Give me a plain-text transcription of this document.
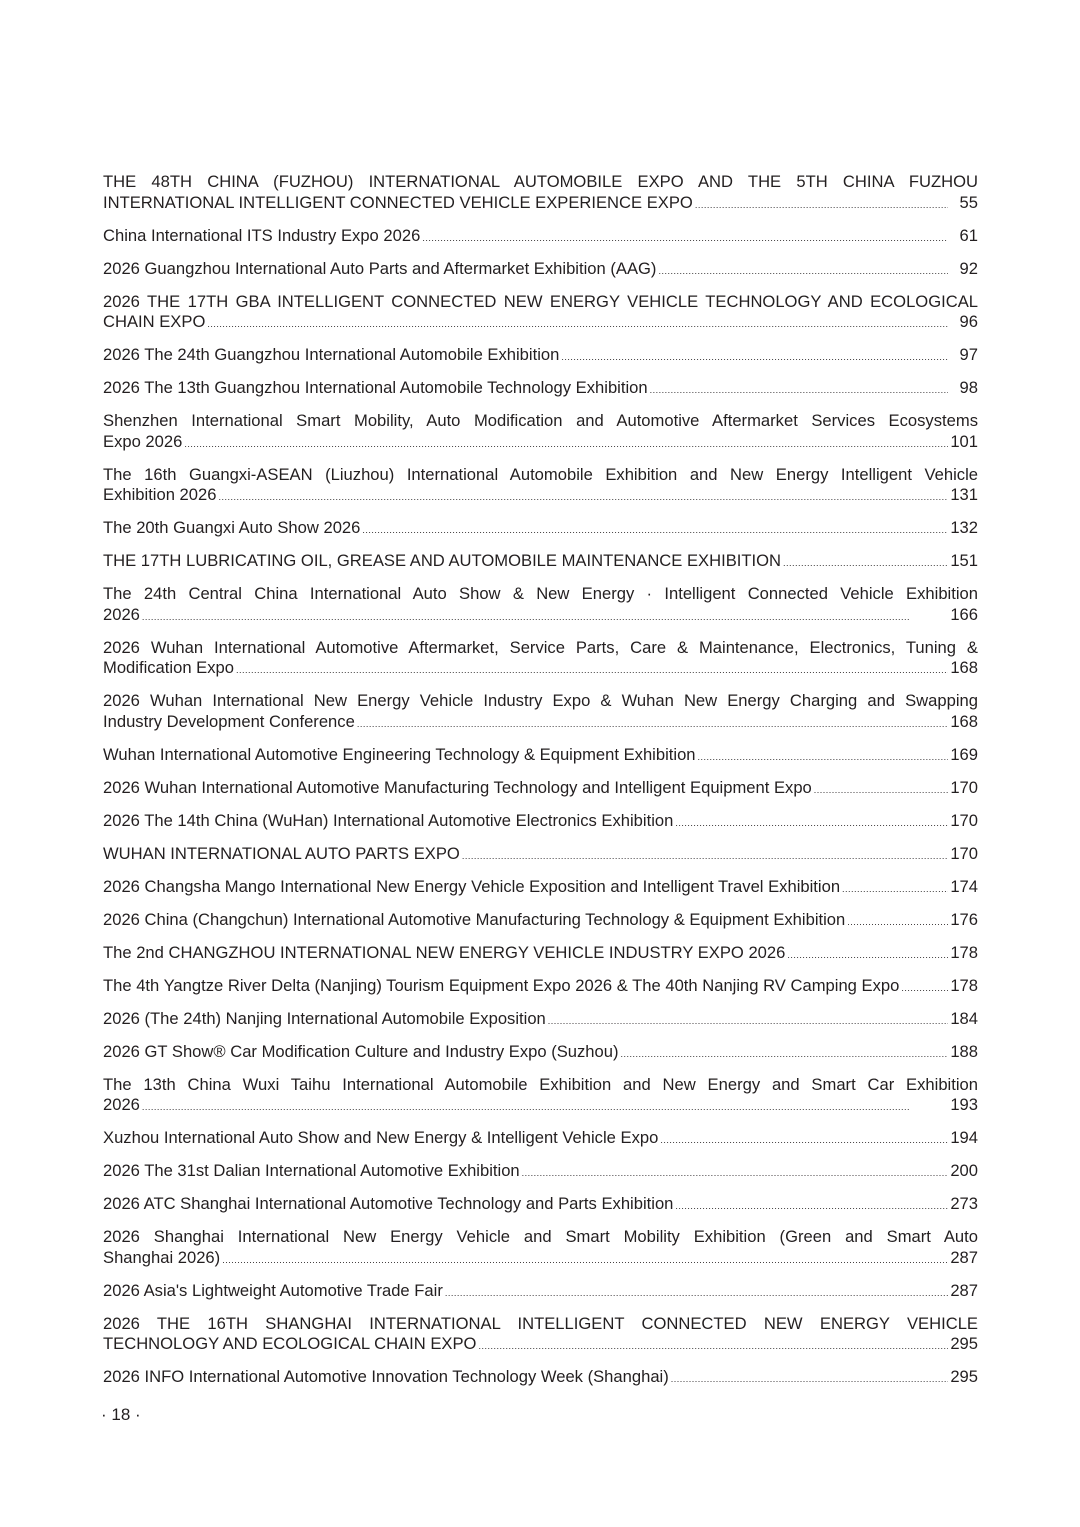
THE 48TH CHINA (FUZHOU) INTERNATIONAL AUTOMOBILE EXPO AND THE 5TH CHINA FUZHOU
INTERNATIONAL INTELLIGENT CONNECTED VEHICLE EXPERIENCE EXPO .....	55
China International ITS Industry Expo 2026 .....	61
2026 Guangzhou International Auto Parts and Aftermarket Exhibition (AAG) .....	92
2026 THE 17TH GBA INTELLIGENT CONNECTED NEW ENERGY VEHICLE TECHNOLOGY AND ECOLOGICAL
CHAIN EXPO .....	96
2026 The 24th Guangzhou International Automobile Exhibition .....	97
2026 The 13th Guangzhou International Automobile Technology Exhibition .....	98
Shenzhen International Smart Mobility, Auto Modification and Automotive Aftermarket Services Ecosystems
Expo 2026 .....	101
The 16th Guangxi-ASEAN (Liuzhou) International Automobile Exhibition and New Energy Intelligent Vehicle
Exhibition 2026 .....	131
The 20th Guangxi Auto Show 2026 .....	132
THE 17TH LUBRICATING OIL, GREASE AND AUTOMOBILE MAINTENANCE EXHIBITION .....	151
The 24th Central China International Auto Show & New Energy · Intelligent Connected Vehicle Exhibition
2026 .....	166
2026 Wuhan International Automotive Aftermarket, Service Parts, Care & Maintenance, Electronics, Tuning &
Modification Expo .....	168
2026 Wuhan International New Energy Vehicle Industry Expo & Wuhan New Energy Charging and Swapping
Industry Development Conference .....	168
Wuhan International Automotive Engineering Technology & Equipment Exhibition .....	169
2026 Wuhan International Automotive Manufacturing Technology and Intelligent Equipment Expo .....	170
2026 The 14th China (WuHan) International Automotive Electronics Exhibition .....	170
WUHAN INTERNATIONAL AUTO PARTS EXPO .....	170
2026 Changsha Mango International New Energy Vehicle Exposition and Intelligent Travel Exhibition .....	174
2026 China (Changchun) International Automotive Manufacturing Technology & Equipment Exhibition .....	176
The 2nd CHANGZHOU INTERNATIONAL NEW ENERGY VEHICLE INDUSTRY EXPO 2026 .....	178
The 4th Yangtze River Delta (Nanjing) Tourism Equipment Expo 2026 & The 40th Nanjing RV Camping Expo .....	178
2026 (The 24th) Nanjing International Automobile Exposition .....	184
2026 GT Show® Car Modification Culture and Industry Expo (Suzhou) .....	188
The 13th China Wuxi Taihu International Automobile Exhibition and New Energy and Smart Car Exhibition
2026 .....	193
Xuzhou International Auto Show and New Energy & Intelligent Vehicle Expo .....	194
2026 The 31st Dalian International Automotive Exhibition .....	200
2026 ATC Shanghai International Automotive Technology and Parts Exhibition .....	273
2026 Shanghai International New Energy Vehicle and Smart Mobility Exhibition (Green and Smart Auto
Shanghai 2026) .....	287
2026 Asia's Lightweight Automotive Trade Fair .....	287
2026 THE 16TH SHANGHAI INTERNATIONAL INTELLIGENT CONNECTED NEW ENERGY VEHICLE
TECHNOLOGY AND ECOLOGICAL CHAIN EXPO .....	295
2026 INFO International Automotive Innovation Technology Week (Shanghai) .....	295
· 18 ·
